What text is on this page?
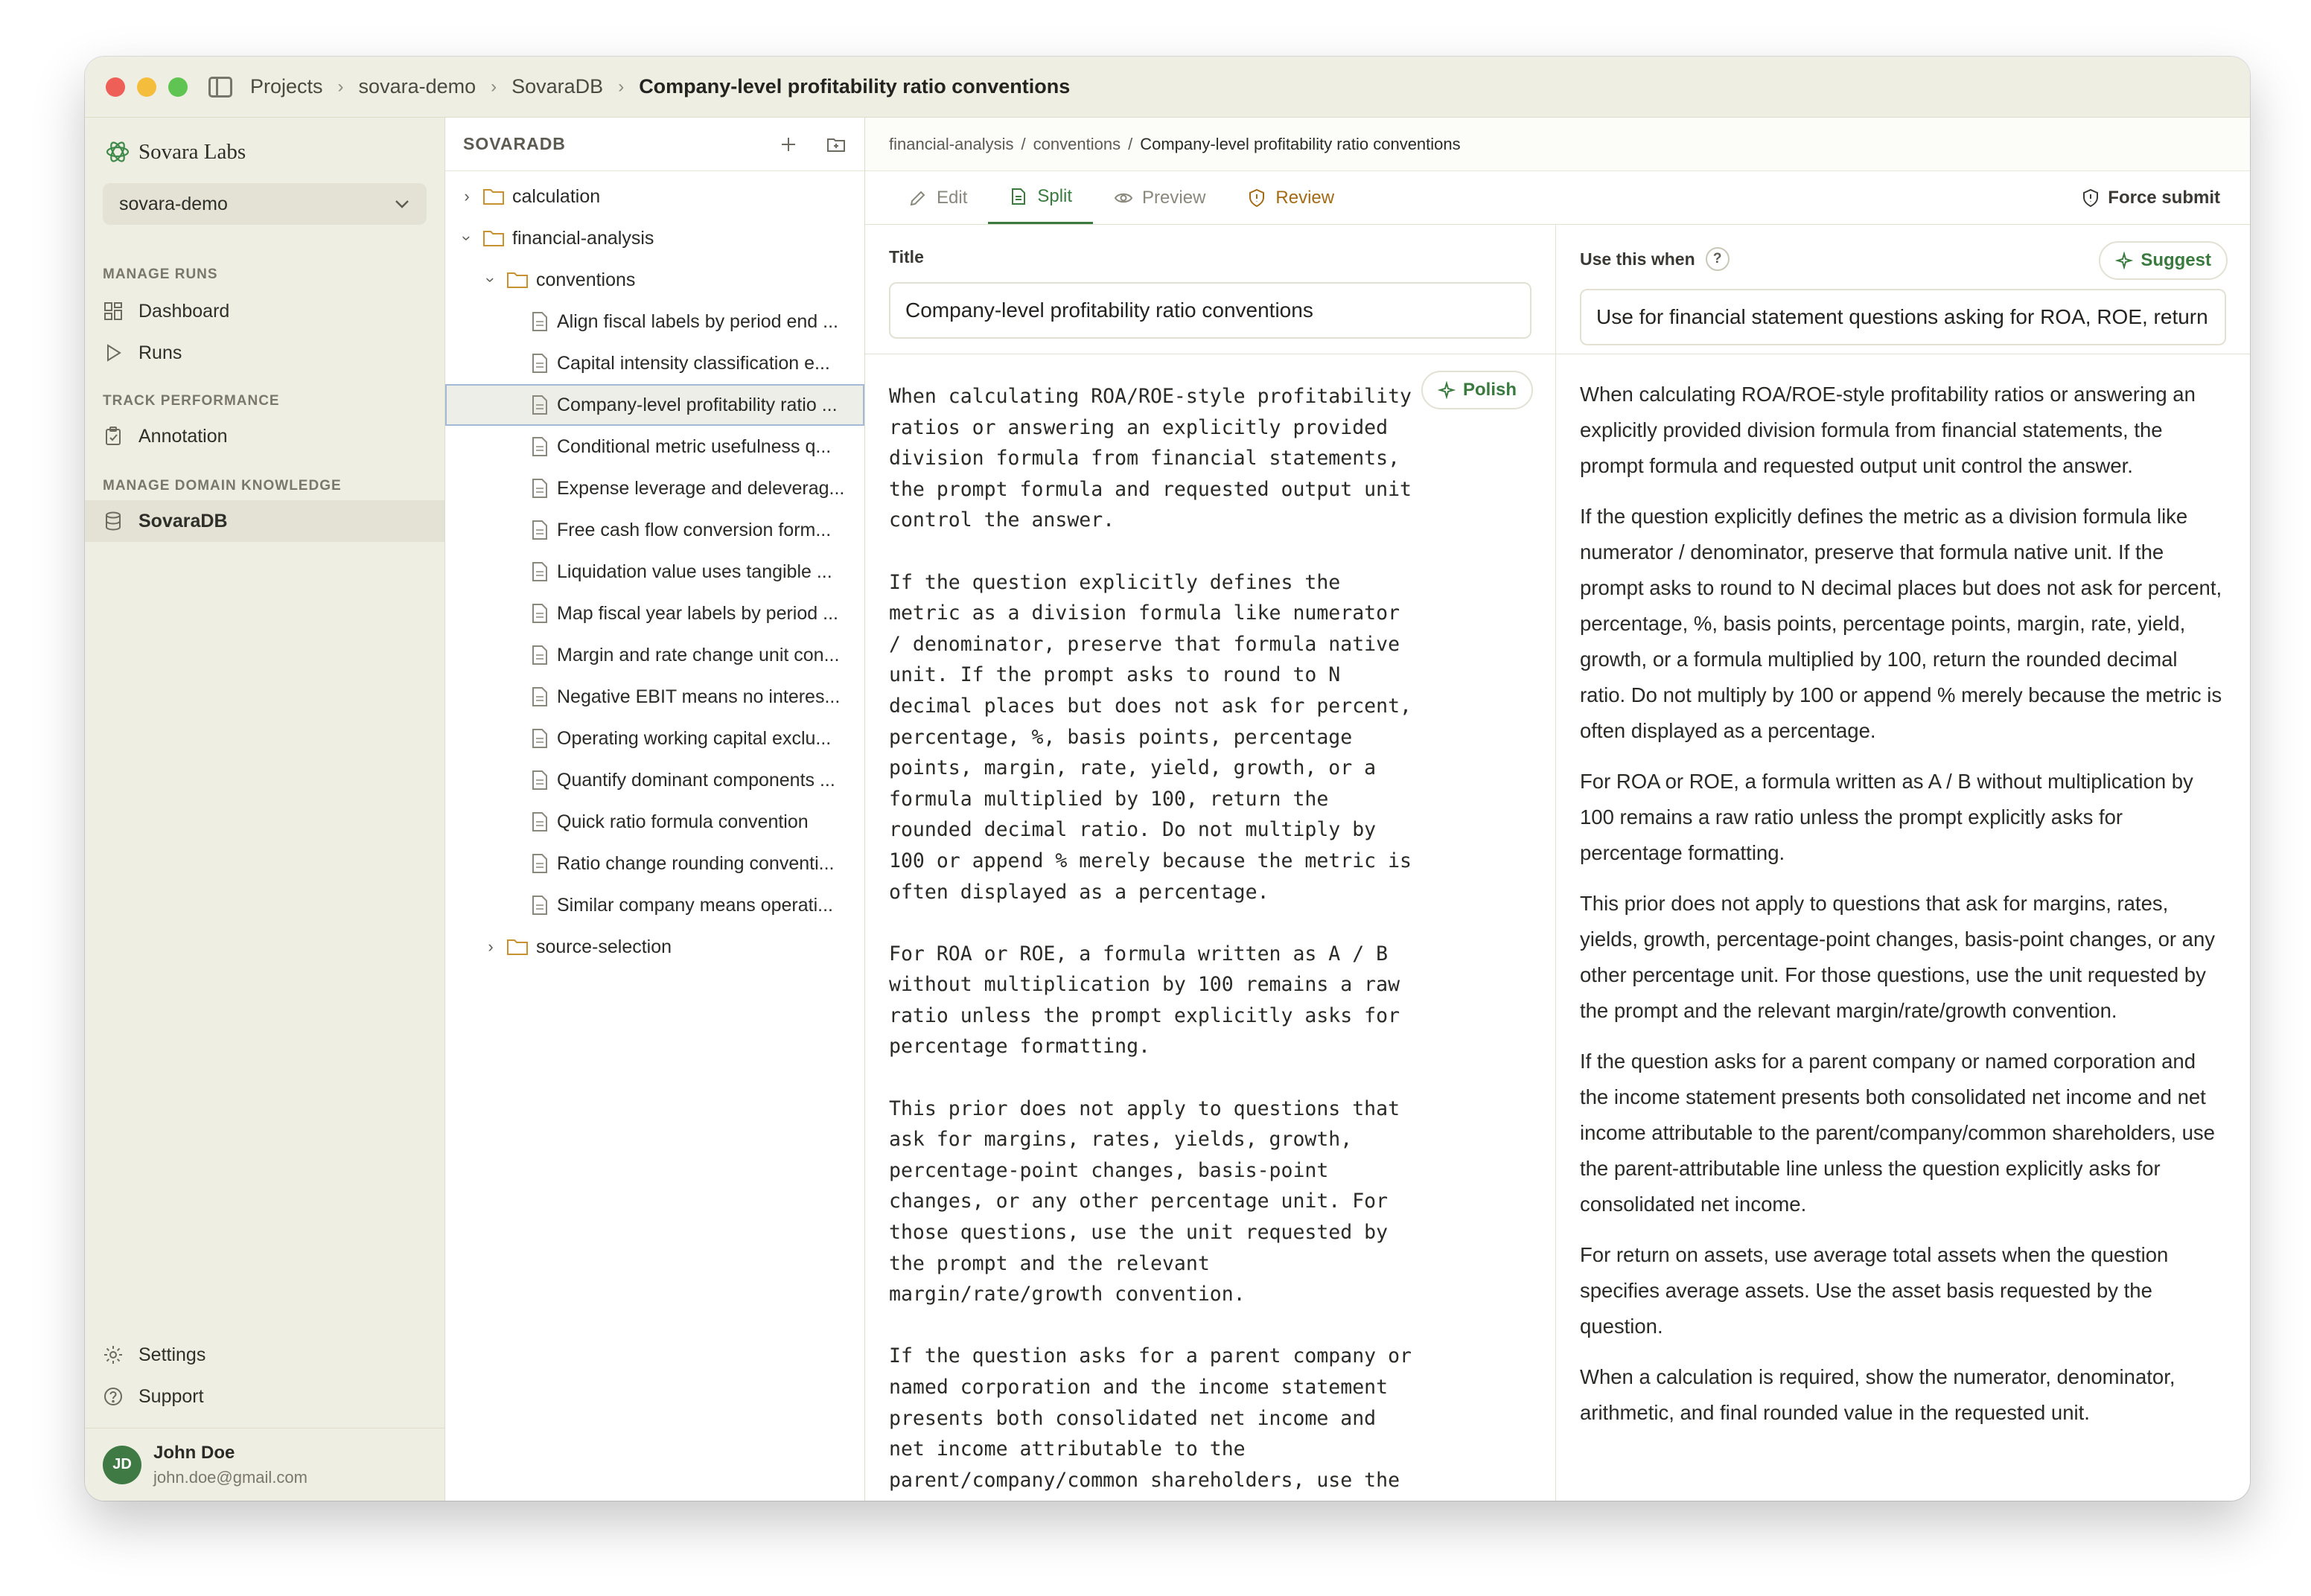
Projects › sovara-demo › SovaraDB › Company-level profitability ratio conventions
Sovara Labs
sovara-demo
MANAGE RUNS
Dashboard
Runs
TRACK PERFORMANCE
Annotation
MANAGE DOMAIN KNOWLEDGE
SovaraDB
Settings
Support
JD
John Doe
john.doe@gmail.com
SOVARADB
›	calculation
› financial-analysis
› conventions
Align fiscal labels by period end ...
Capital intensity classification e...
Company-level profitability ratio ...
Conditional metric usefulness q...
Expense leverage and deleverag...
Free cash flow conversion form...
Liquidation value uses tangible ...
Map fiscal year labels by period ...
Margin and rate change unit con...
Negative EBIT means no interes...
Operating working capital exclu...
Quantify dominant components ...
Quick ratio formula convention
Ratio change rounding conventi...
Similar company means operati...
›	source-selection
financial-analysis / conventions / Company-level profitability ratio conventions
Edit	Split	Preview	Review	Force submit
Title
Company-level profitability ratio conventions
Polish
When calculating ROA/ROE-style profitability
ratios or answering an explicitly provided
division formula from financial statements,
the prompt formula and requested output unit
control the answer.

If the question explicitly defines the
metric as a division formula like numerator
/ denominator, preserve that formula native
unit. If the prompt asks to round to N
decimal places but does not ask for percent,
percentage, %, basis points, percentage
points, margin, rate, yield, growth, or a
formula multiplied by 100, return the
rounded decimal ratio. Do not multiply by
100 or append % merely because the metric is
often displayed as a percentage.

For ROA or ROE, a formula written as A / B
without multiplication by 100 remains a raw
ratio unless the prompt explicitly asks for
percentage formatting.

This prior does not apply to questions that
ask for margins, rates, yields, growth,
percentage-point changes, basis-point
changes, or any other percentage unit. For
those questions, use the unit requested by
the prompt and the relevant
margin/rate/growth convention.

If the question asks for a parent company or
named corporation and the income statement
presents both consolidated net income and
net income attributable to the
parent/company/common shareholders, use the
Use this when	?	Suggest
Use for financial statement questions asking for ROA, ROE, return

When calculating ROA/ROE-style profitability ratios or answering an explicitly provided division formula from financial statements, the prompt formula and requested output unit control the answer.

If the question explicitly defines the metric as a division formula like numerator / denominator, preserve that formula native unit. If the prompt asks to round to N decimal places but does not ask for percent, percentage, %, basis points, percentage points, margin, rate, yield, growth, or a formula multiplied by 100, return the rounded decimal ratio. Do not multiply by 100 or append % merely because the metric is often displayed as a percentage.

For ROA or ROE, a formula written as A / B without multiplication by 100 remains a raw ratio unless the prompt explicitly asks for percentage formatting.

This prior does not apply to questions that ask for margins, rates, yields, growth, percentage-point changes, basis-point changes, or any other percentage unit. For those questions, use the unit requested by the prompt and the relevant margin/rate/growth convention.

If the question asks for a parent company or named corporation and the income statement presents both consolidated net income and net income attributable to the parent/company/common shareholders, use the parent-attributable line unless the question explicitly asks for consolidated net income.

For return on assets, use average total assets when the question specifies average assets. Use the asset basis requested by the question.

When a calculation is required, show the numerator, denominator, arithmetic, and final rounded value in the requested unit.
